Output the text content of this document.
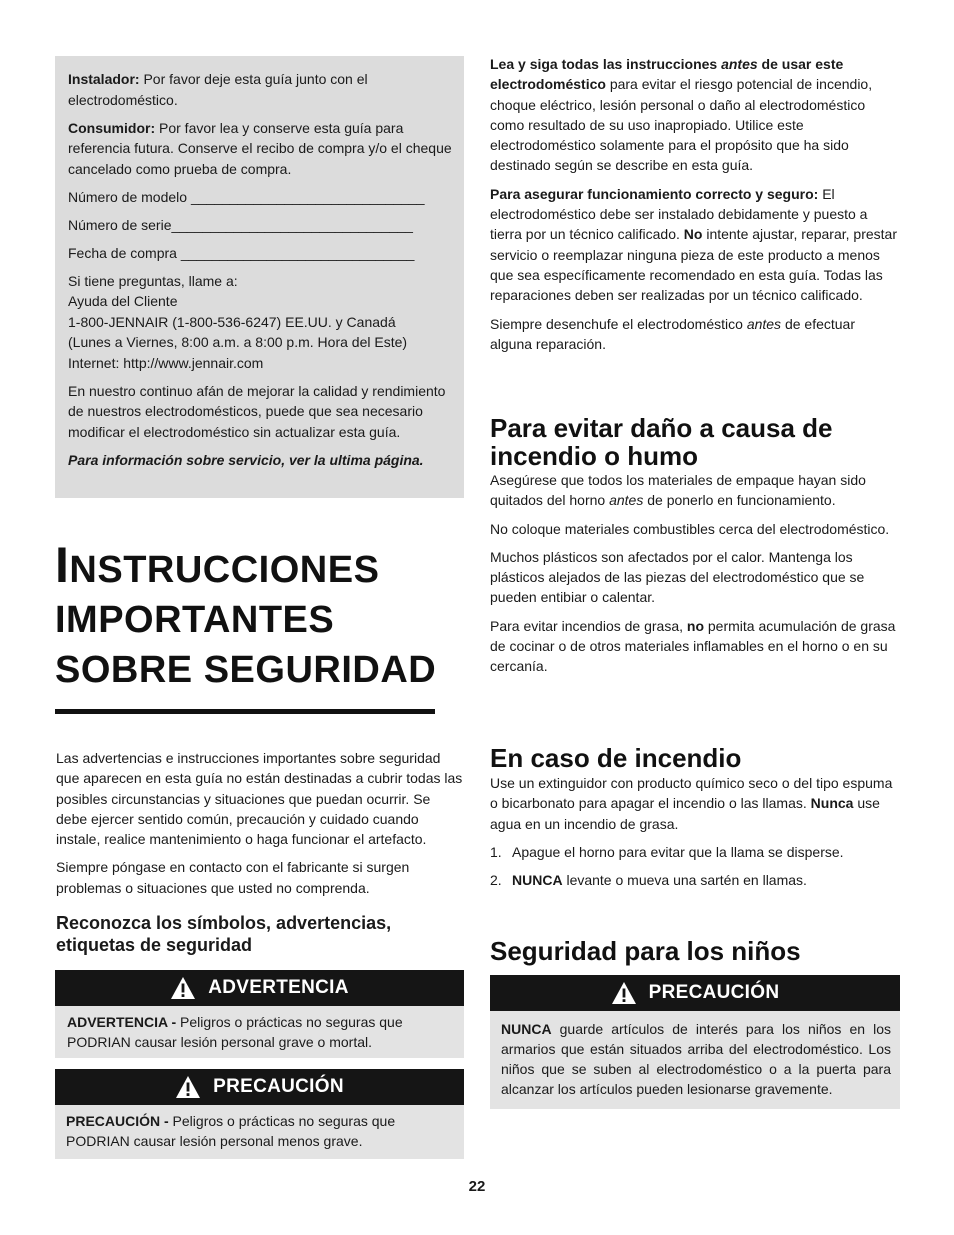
Instalador: Por favor deje esta guía junto con el electrodoméstico.

Consumidor: Por favor lea y conserve esta guía para referencia futura. Conserve el recibo de compra y/o el cheque cancelado como prueba de compra.

Número de modelo ______________________________
Número de serie_______________________________
Fecha de compra ______________________________

Si tiene preguntas, llame a:
Ayuda del Cliente
1-800-JENNAIR (1-800-536-6247) EE.UU. y Canadá
(Lunes a Viernes, 8:00 a.m. a 8:00 p.m. Hora del Este)
Internet: http://www.jennair.com

En nuestro continuo afán de mejorar la calidad y rendimiento de nuestros electrodomésticos, puede que sea necesario modificar el electrodoméstico sin actualizar esta guía.

Para información sobre servicio, ver la ultima página.

INSTRUCCIONES
IMPORTANTES
SOBRE SEGURIDAD

Las advertencias e instrucciones importantes sobre seguridad que aparecen en esta guía no están destinadas a cubrir todas las posibles circunstancias y situaciones que puedan ocurrir. Se debe ejercer sentido común, precaución y cuidado cuando instale, realice mantenimiento o haga funcionar el artefacto.

Siempre póngase en contacto con el fabricante si surgen problemas o situaciones que usted no comprenda.

Reconozca los símbolos, advertencias, etiquetas de seguridad
ADVERTENCIA
ADVERTENCIA - Peligros o prácticas no seguras que PODRIAN causar lesión personal grave o mortal.
PRECAUCIÓN
PRECAUCIÓN - Peligros o prácticas no seguras que PODRIAN causar lesión personal menos grave.

Lea y siga todas las instrucciones antes de usar este electrodoméstico para evitar el riesgo potencial de incendio, choque eléctrico, lesión personal o daño al electrodoméstico como resultado de su uso inapropiado. Utilice este electrodoméstico solamente para el propósito que ha sido destinado según se describe en esta guía.

Para asegurar funcionamiento correcto y seguro: El electrodoméstico debe ser instalado debidamente y puesto a tierra por un técnico calificado. No intente ajustar, reparar, prestar servicio o reemplazar ninguna pieza de este producto a menos que sea específicamente recomendado en esta guía. Todas las reparaciones deben ser realizadas por un técnico calificado.

Siempre desenchufe el electrodoméstico antes de efectuar alguna reparación.

Para evitar daño a causa de incendio o humo

Asegúrese que todos los materiales de empaque hayan sido quitados del horno antes de ponerlo en funcionamiento.

No coloque materiales combustibles cerca del electrodoméstico.

Muchos plásticos son afectados por el calor. Mantenga los plásticos alejados de las piezas del electrodoméstico que se pueden entibiar o calentar.

Para evitar incendios de grasa, no permita acumulación de grasa de cocinar o de otros materiales inflamables en el horno o en su cercanía.

En caso de incendio

Use un extinguidor con producto químico seco o del tipo espuma o bicarbonato para apagar el incendio o las llamas. Nunca use agua en un incendio de grasa.

1. Apague el horno para evitar que la llama se disperse.
2. NUNCA levante o mueva una sartén en llamas.
Seguridad para los niños
PRECAUCIÓN
NUNCA guarde artículos de interés para los niños en los armarios que están situados arriba del electrodoméstico. Los niños que se suben al electrodoméstico o a la puerta para alcanzar los artículos pueden lesionarse gravemente.
22
